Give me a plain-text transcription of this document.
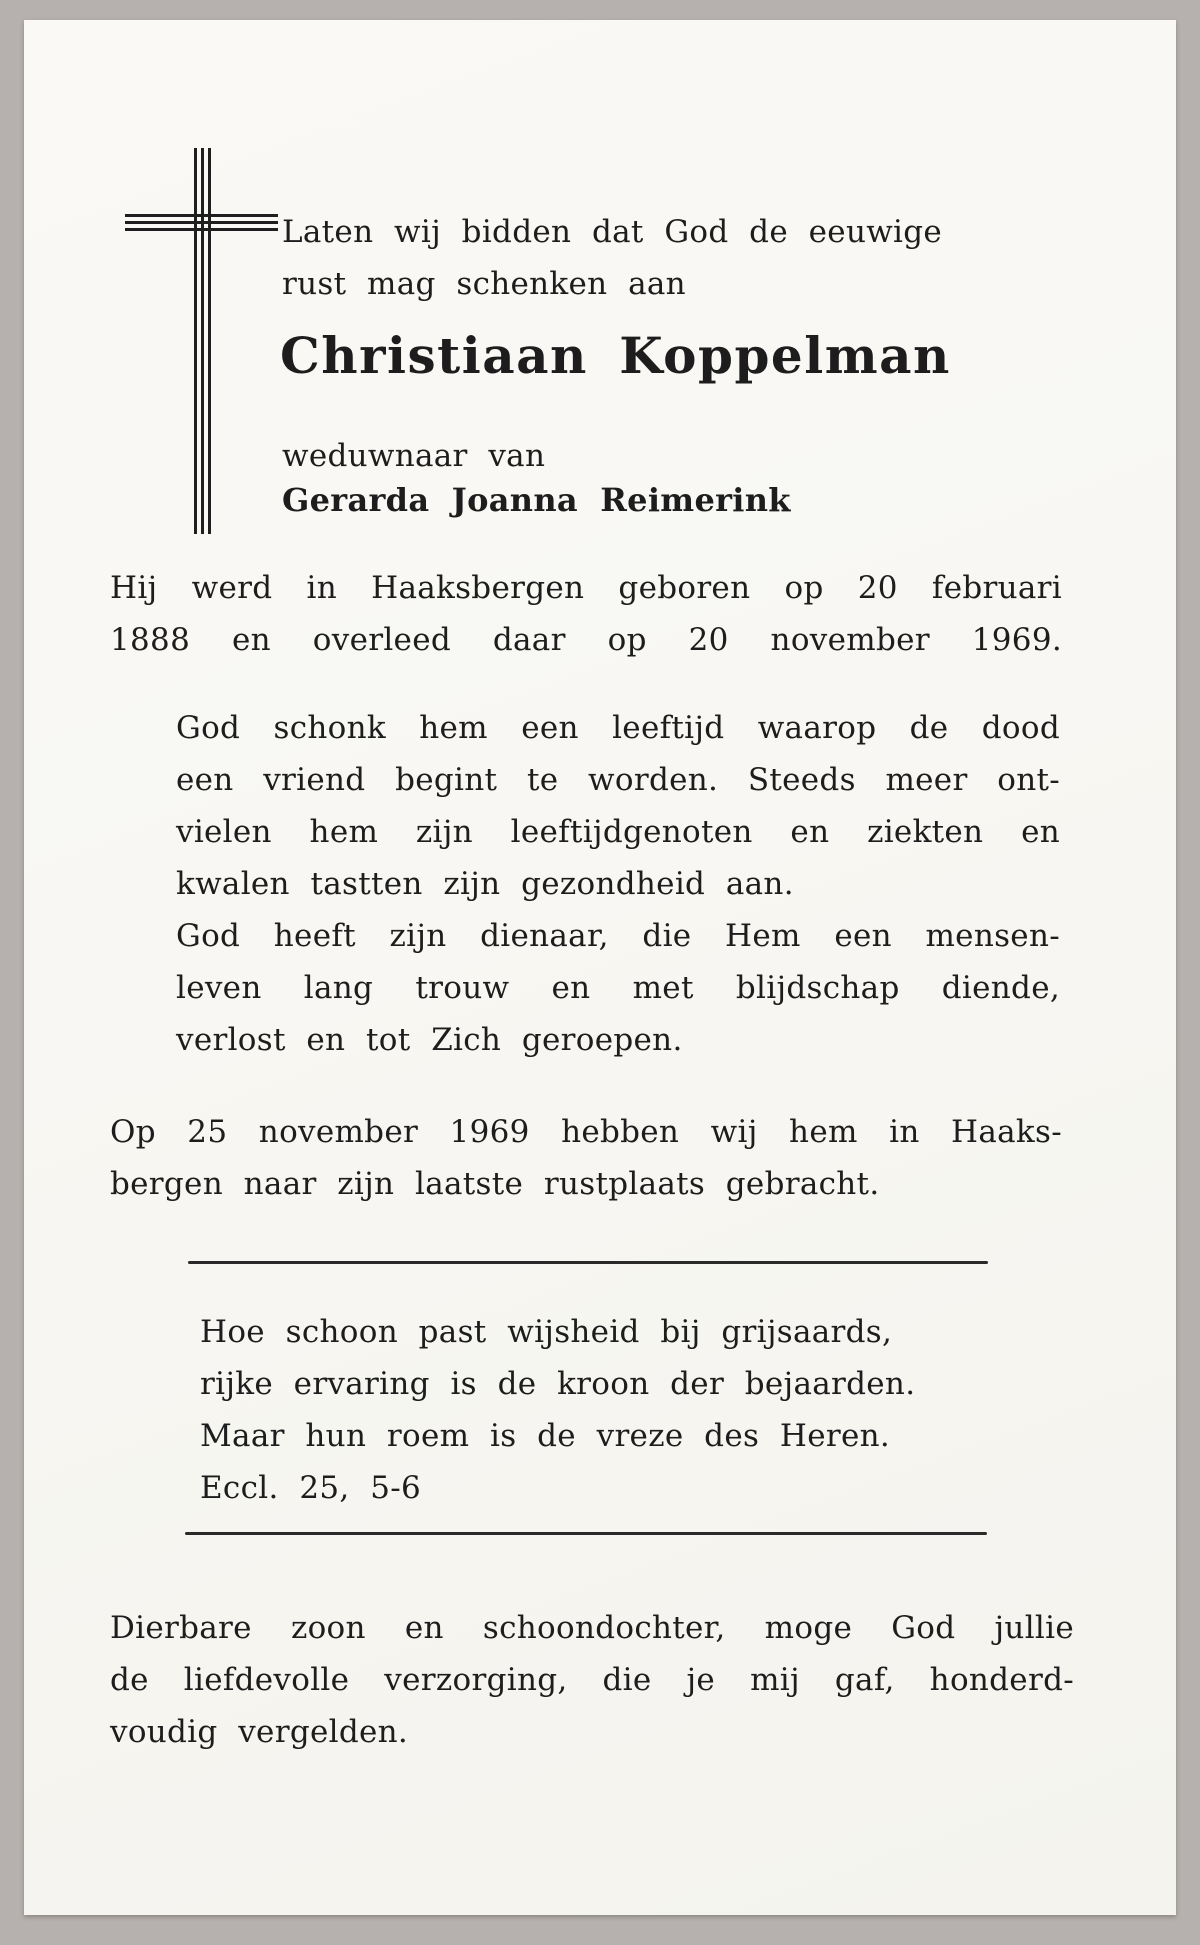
Laten wij bidden dat God de eeuwige
rust mag schenken aan
Christiaan Koppelman
weduwnaar van
Gerarda Joanna Reimerink
Hij werd in Haaksbergen geboren op 20 februari
1888 en overleed daar op 20 november 1969.
God schonk hem een leeftijd waarop de dood
een vriend begint te worden. Steeds meer ont-
vielen hem zijn leeftijdgenoten en ziekten en
kwalen tastten zijn gezondheid aan.
God heeft zijn dienaar, die Hem een mensen-
leven lang trouw en met blijdschap diende,
verlost en tot Zich geroepen.
Op 25 november 1969 hebben wij hem in Haaks-
bergen naar zijn laatste rustplaats gebracht.
Hoe schoon past wijsheid bij grijsaards,
rijke ervaring is de kroon der bejaarden.
Maar hun roem is de vreze des Heren.
Eccl. 25, 5-6
Dierbare zoon en schoondochter, moge God jullie
de liefdevolle verzorging, die je mij gaf, honderd-
voudig vergelden.
